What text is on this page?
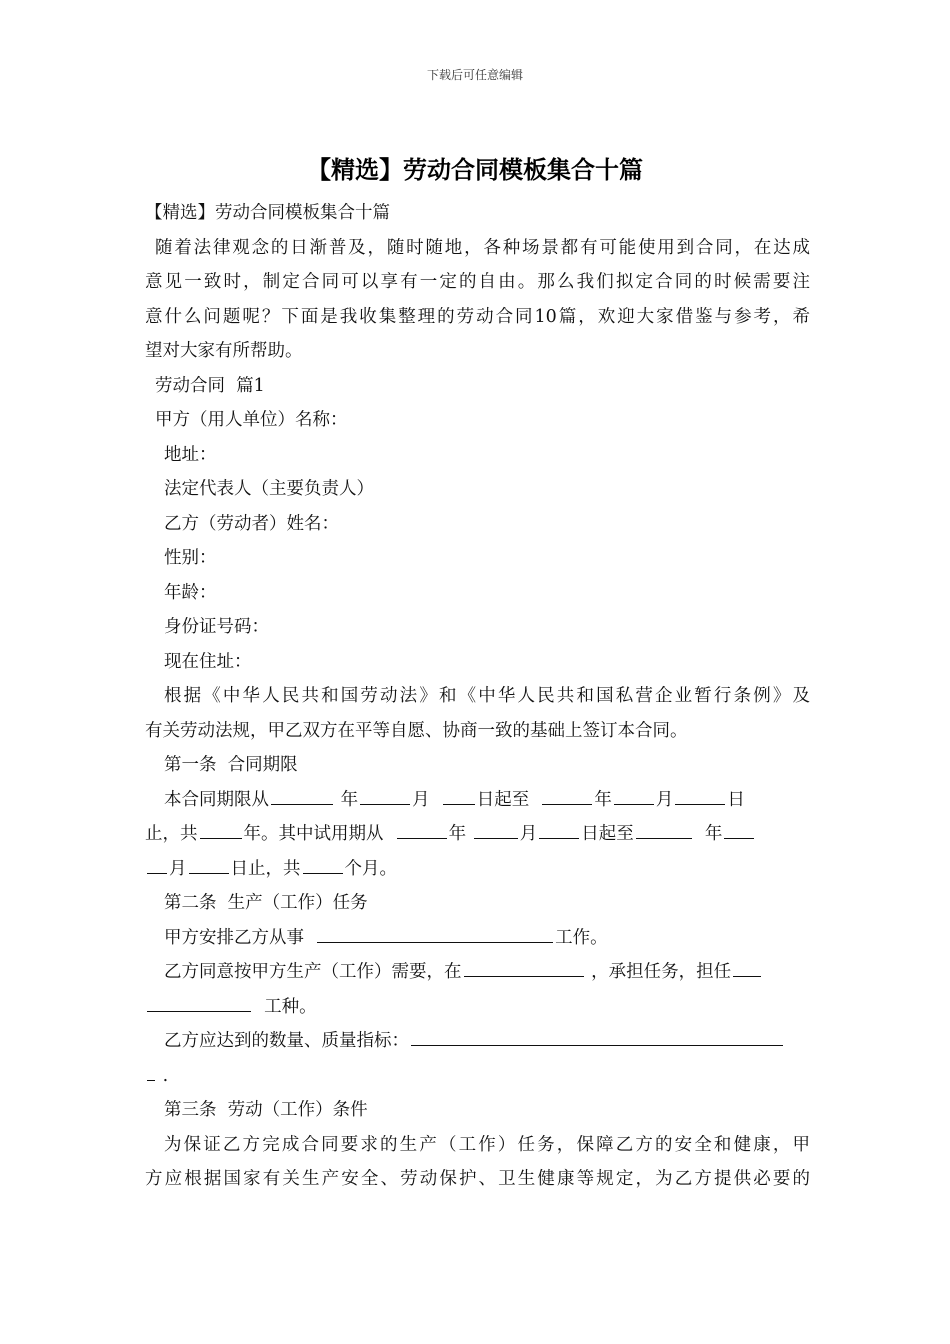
下载后可任意编辑
【精选】劳动合同模板集合十篇
【精选】劳动合同模板集合十篇
随着法律观念的日渐普及，随时随地，各种场景都有可能使用到合同，在达成
意见一致时，制定合同可以享有一定的自由。那么我们拟定合同的时候需要注
意什么问题呢？下面是我收集整理的劳动合同10篇，欢迎大家借鉴与参考，希
望对大家有所帮助。
劳动合同  篇1
甲方（用人单位）名称：
地址：
法定代表人（主要负责人）
乙方（劳动者）姓名：
性别：
年龄：
身份证号码：
现在住址：
根据《中华人民共和国劳动法》和《中华人民共和国私营企业暂行条例》及
有关劳动法规，甲乙双方在平等自愿、协商一致的基础上签订本合同。
第一条  合同期限
本合同期限从	年	月	日起至	年	月	日
止，共	年。其中试用期从	年	月	日起至	年
月	日止，共	个月。
第二条  生产（工作）任务
甲方安排乙方从事	工作。
乙方同意按甲方生产（工作）需要，在	，承担任务，担任
工种。
乙方应达到的数量、质量指标：
.
第三条  劳动（工作）条件
为保证乙方完成合同要求的生产（工作）任务，保障乙方的安全和健康，甲
方应根据国家有关生产安全、劳动保护、卫生健康等规定，为乙方提供必要的
